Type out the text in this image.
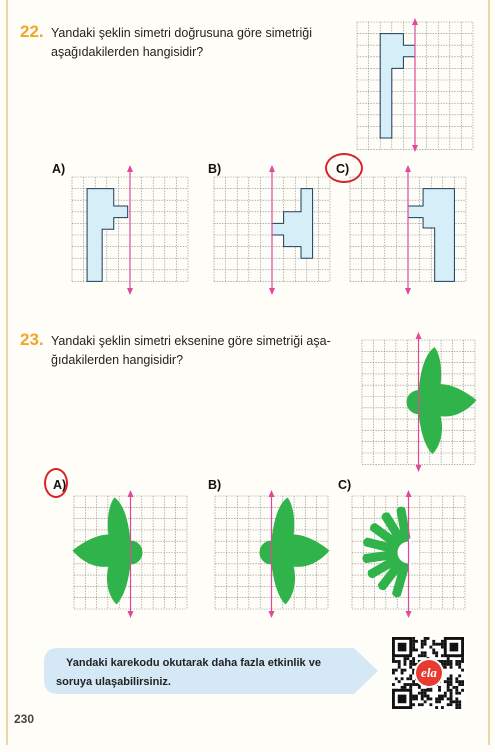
22. Yandaki şeklin simetri doğrusuna göre simetriği
aşağıdakilerden hangisidir?
A)	B)	C)
23. Yandaki şeklin simetri eksenine göre simetriği aşa-
ğıdakilerden hangisidir?
A)	B)	C)
Yandaki karekodu okutarak daha fazla etkinlik ve
soruya ulaşabilirsiniz.
ela
230
